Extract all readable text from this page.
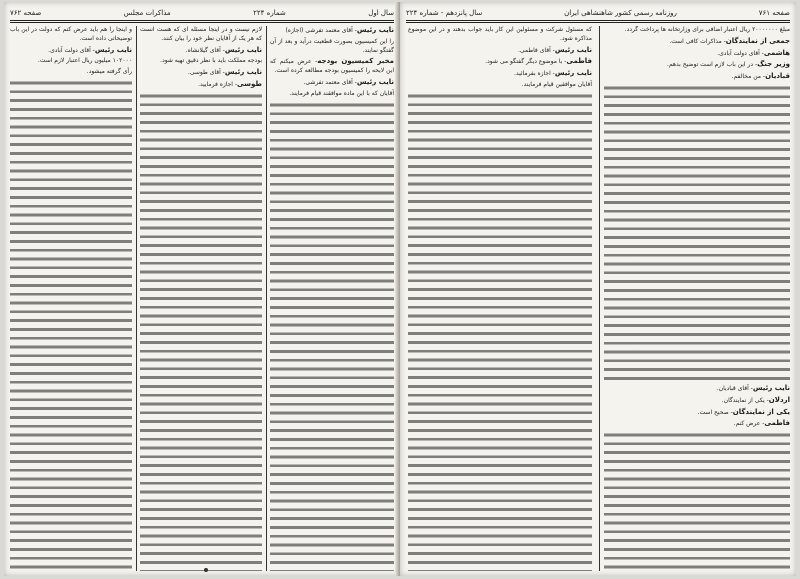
سال اول
شماره ۲۲۴
مذاکرات مجلس
صفحه ۷۶۲

نایب رئیس- آقای معتمد تفرشی (اجازه)

را این کمیسیون بصورت قطعیت درآید و بعد از آن گفتگو نمایند.

مخبر کمیسیون بودجه- عرض میکنم که این لایحه را کمیسیون بودجه مطالعه کرده است.

نایب رئیس- آقای معتمد تفرشی.

آقایان که با این ماده موافقند قیام فرمایند.

لازم نیست و در اینجا مسئله ای که هست آنست که هر یک از آقایان نظر خود را بیان کنند.

نایب رئیس- آقای گیلانشاه.

بودجه مملکت باید با نظر دقیق تهیه شود.

نایب رئیس- آقای طوسی.

طوسی- اجازه فرمایید.

و اینجا را هم باید عرض کنم که دولت در این باب توضیحاتی داده است.

نایب رئیس- آقای دولت آبادی.

۱۰۲۰۰۰ میلیون ریال اعتبار لازم است.

رأی گرفته میشود.

صفحه ۷۶۱
روزنامه رسمی کشور شاهنشاهی ایران
سال پانزدهم - شماره ۲۲۴

مبلغ ۲۰۰۰۰۰۰۰ ریال اعتبار اضافی برای وزارتخانه ها پرداخت گردد.

جمعی از نمایندگان- مذاکرات کافی است.

هاشمی- آقای دولت آبادی.

وزیر جنگ- در این باب لازم است توضیح بدهم.

قباديان- من مخالفم.

نایب رئیس- آقای قبادیان.

اردلان- یکی از نمایندگان.

یکی از نمایندگان- صحیح است.

فاطمی- عرض کنم.

که مسئول شرکت و مسئولین این کار باید جواب بدهند و در این موضوع مذاکره شود.

نایب رئیس- آقای فاطمی.

فاطمی- با موضوع دیگر گفتگو می شود.

نایب رئیس- اجازه بفرمائید.

آقایان موافقین قیام فرمایند.
